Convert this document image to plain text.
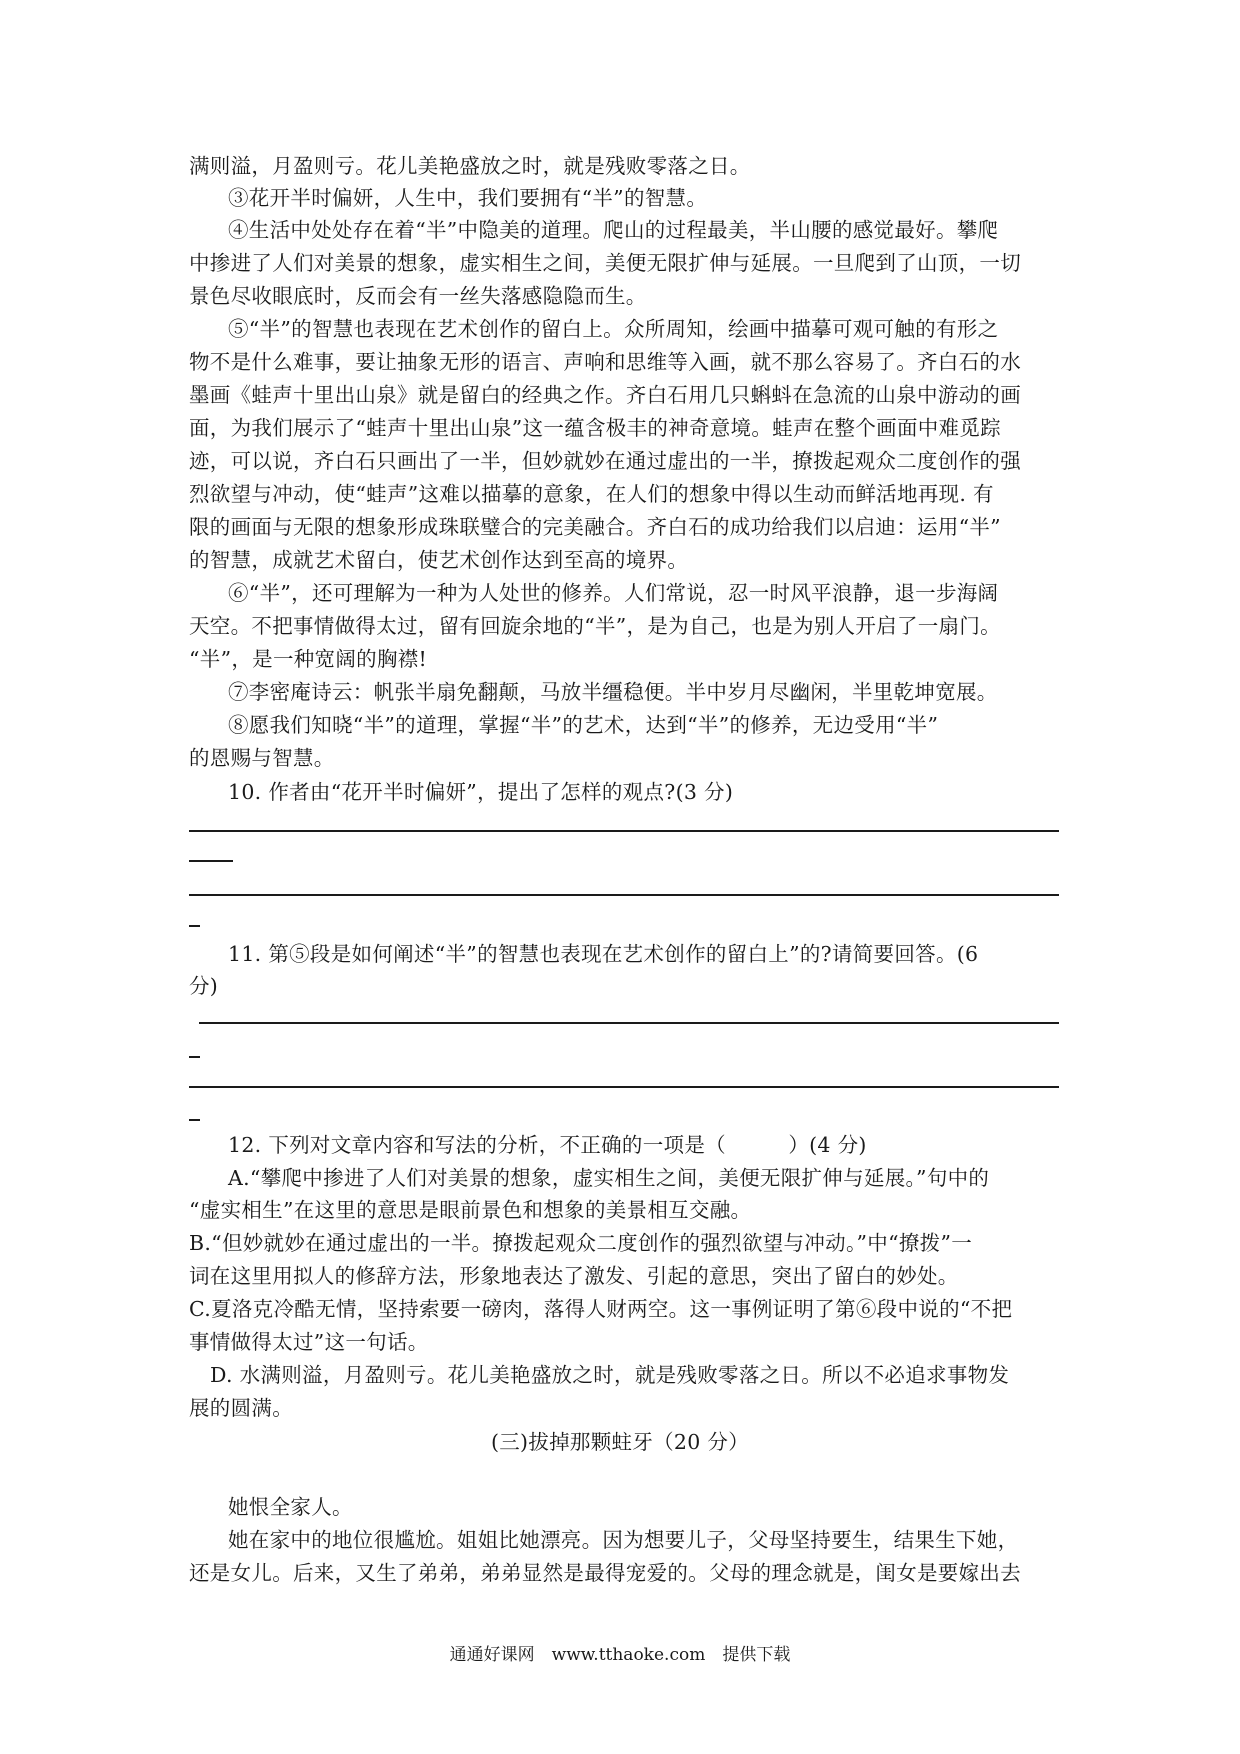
满则溢，月盈则亏。花儿美艳盛放之时，就是残败零落之日。
③花开半时偏妍，人生中，我们要拥有“半”的智慧。
④生活中处处存在着“半”中隐美的道理。爬山的过程最美，半山腰的感觉最好。攀爬
中掺进了人们对美景的想象，虚实相生之间，美便无限扩伸与延展。一旦爬到了山顶，一切
景色尽收眼底时，反而会有一丝失落感隐隐而生。
⑤“半”的智慧也表现在艺术创作的留白上。众所周知，绘画中描摹可观可触的有形之
物不是什么难事，要让抽象无形的语言、声响和思维等入画，就不那么容易了。齐白石的水
墨画《蛙声十里出山泉》就是留白的经典之作。齐白石用几只蝌蚪在急流的山泉中游动的画
面，为我们展示了“蛙声十里出山泉”这一蕴含极丰的神奇意境。蛙声在整个画面中难觅踪
迹，可以说，齐白石只画出了一半，但妙就妙在通过虚出的一半，撩拨起观众二度创作的强
烈欲望与冲动，使“蛙声”这难以描摹的意象，在人们的想象中得以生动而鲜活地再现. 有
限的画面与无限的想象形成珠联璧合的完美融合。齐白石的成功给我们以启迪：运用“半”
的智慧，成就艺术留白，使艺术创作达到至高的境界。
⑥“半”，还可理解为一种为人处世的修养。人们常说，忍一时风平浪静，退一步海阔
天空。不把事情做得太过，留有回旋余地的“半”，是为自己，也是为别人开启了一扇门。
“半”，是一种宽阔的胸襟!
⑦李密庵诗云：帆张半扇免翻颠，马放半缰稳便。半中岁月尽幽闲，半里乾坤宽展。
⑧愿我们知晓“半”的道理，掌握“半”的艺术，达到“半”的修养，无边受用“半”
的恩赐与智慧。
10. 作者由“花开半时偏妍”，提出了怎样的观点?(3 分)
11. 第⑤段是如何阐述“半”的智慧也表现在艺术创作的留白上”的?请简要回答。(6
分)
12. 下列对文章内容和写法的分析，不正确的一项是（　　　）(4 分)
A.“攀爬中掺进了人们对美景的想象，虚实相生之间，美便无限扩伸与延展。”句中的
“虚实相生”在这里的意思是眼前景色和想象的美景相互交融。
B.“但妙就妙在通过虚出的一半。撩拨起观众二度创作的强烈欲望与冲动。”中“撩拨”一
词在这里用拟人的修辞方法，形象地表达了激发、引起的意思，突出了留白的妙处。
C.夏洛克冷酷无情，坚持索要一磅肉，落得人财两空。这一事例证明了第⑥段中说的“不把
事情做得太过”这一句话。
D. 水满则溢，月盈则亏。花儿美艳盛放之时，就是残败零落之日。所以不必追求事物发
展的圆满。
(三)拔掉那颗蛀牙（20 分）
她恨全家人。
她在家中的地位很尴尬。姐姐比她漂亮。因为想要儿子，父母坚持要生，结果生下她，
还是女儿。后来，又生了弟弟，弟弟显然是最得宠爱的。父母的理念就是，闺女是要嫁出去
通通好课网　www.tthaoke.com　提供下载
